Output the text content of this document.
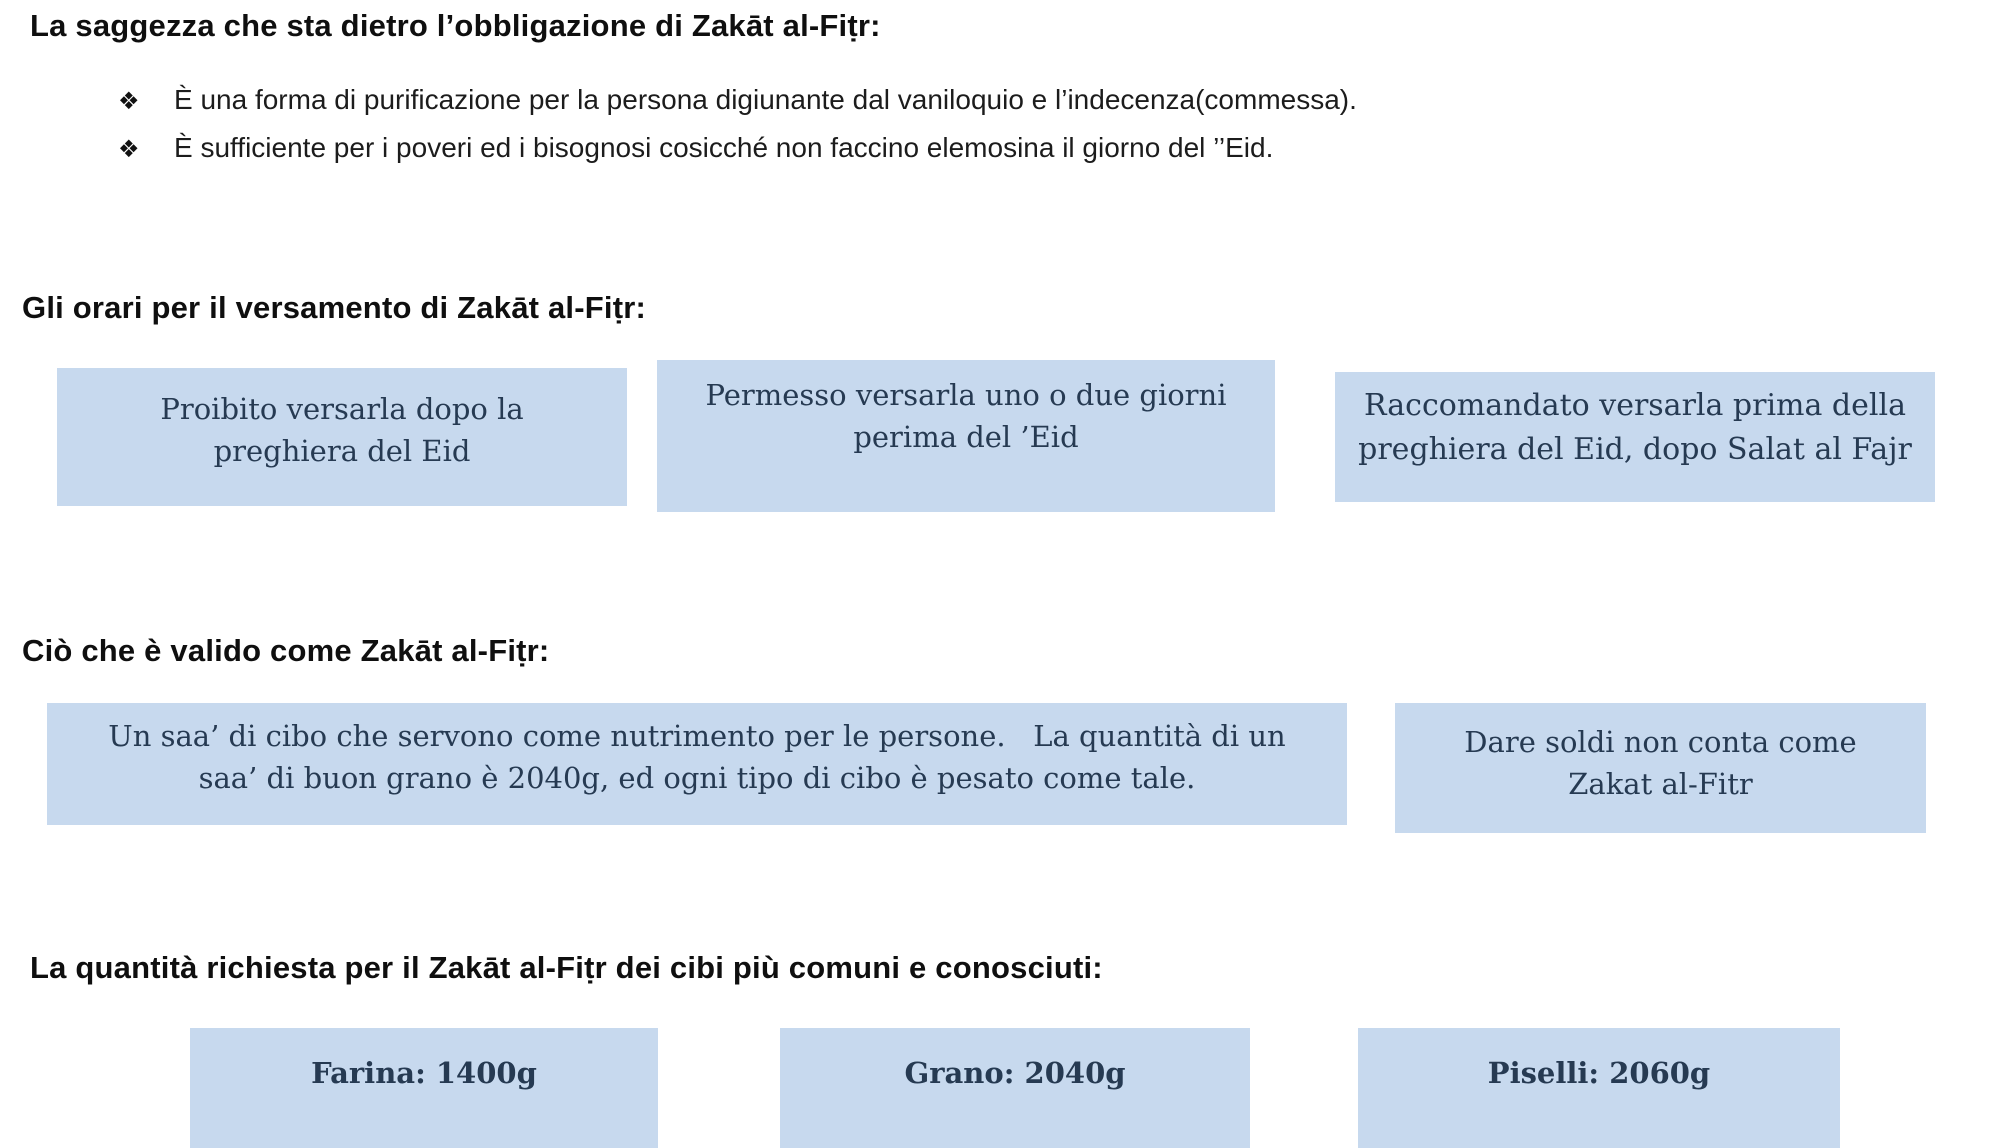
La saggezza che sta dietro l’obbligazione di Zakāt al-Fiṭr:
❖	È una forma di purificazione per la persona digiunante dal vaniloquio e l’indecenza(commessa).
❖	È sufficiente per i poveri ed i bisognosi cosicché non faccino elemosina il giorno del ’’Eid.
Gli orari per il versamento di Zakāt al-Fiṭr:
Proibito versarla dopo la
preghiera del Eid
Permesso versarla uno o due giorni
perima del ’Eid
Raccomandato versarla prima della
preghiera del Eid, dopo Salat al Fajr
Ciò che è valido come Zakāt al-Fiṭr:
Un saa’ di cibo che servono come nutrimento per le persone.   La quantità di un
saa’ di buon grano è 2040g, ed ogni tipo di cibo è pesato come tale.
Dare soldi non conta come
Zakat al-Fitr
La quantità richiesta per il Zakāt al-Fiṭr dei cibi più comuni e conosciuti:
Farina: 1400g	Grano: 2040g	Piselli: 2060g
